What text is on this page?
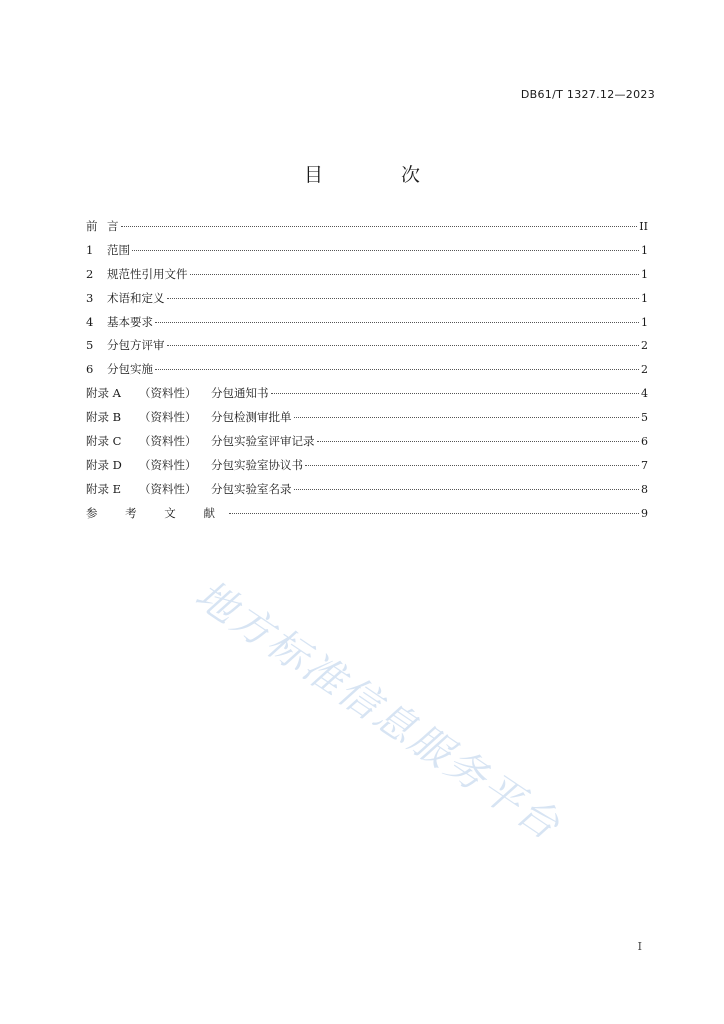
DB61/T 1327.12—2023
目 次
前 言	II
1	范围	1
2	规范性引用文件	1
3	术语和定义	1
4	基本要求	1
5	分包方评审	2
6	分包实施	2
附录 A	（资料性）	分包通知书	4
附录 B	（资料性）	分包检测审批单	5
附录 C	（资料性）	分包实验室评审记录	6
附录 D	（资料性）	分包实验室协议书	7
附录 E	（资料性）	分包实验室名录	8
参 考 文 献	9
地方标准信息服务平台
I
